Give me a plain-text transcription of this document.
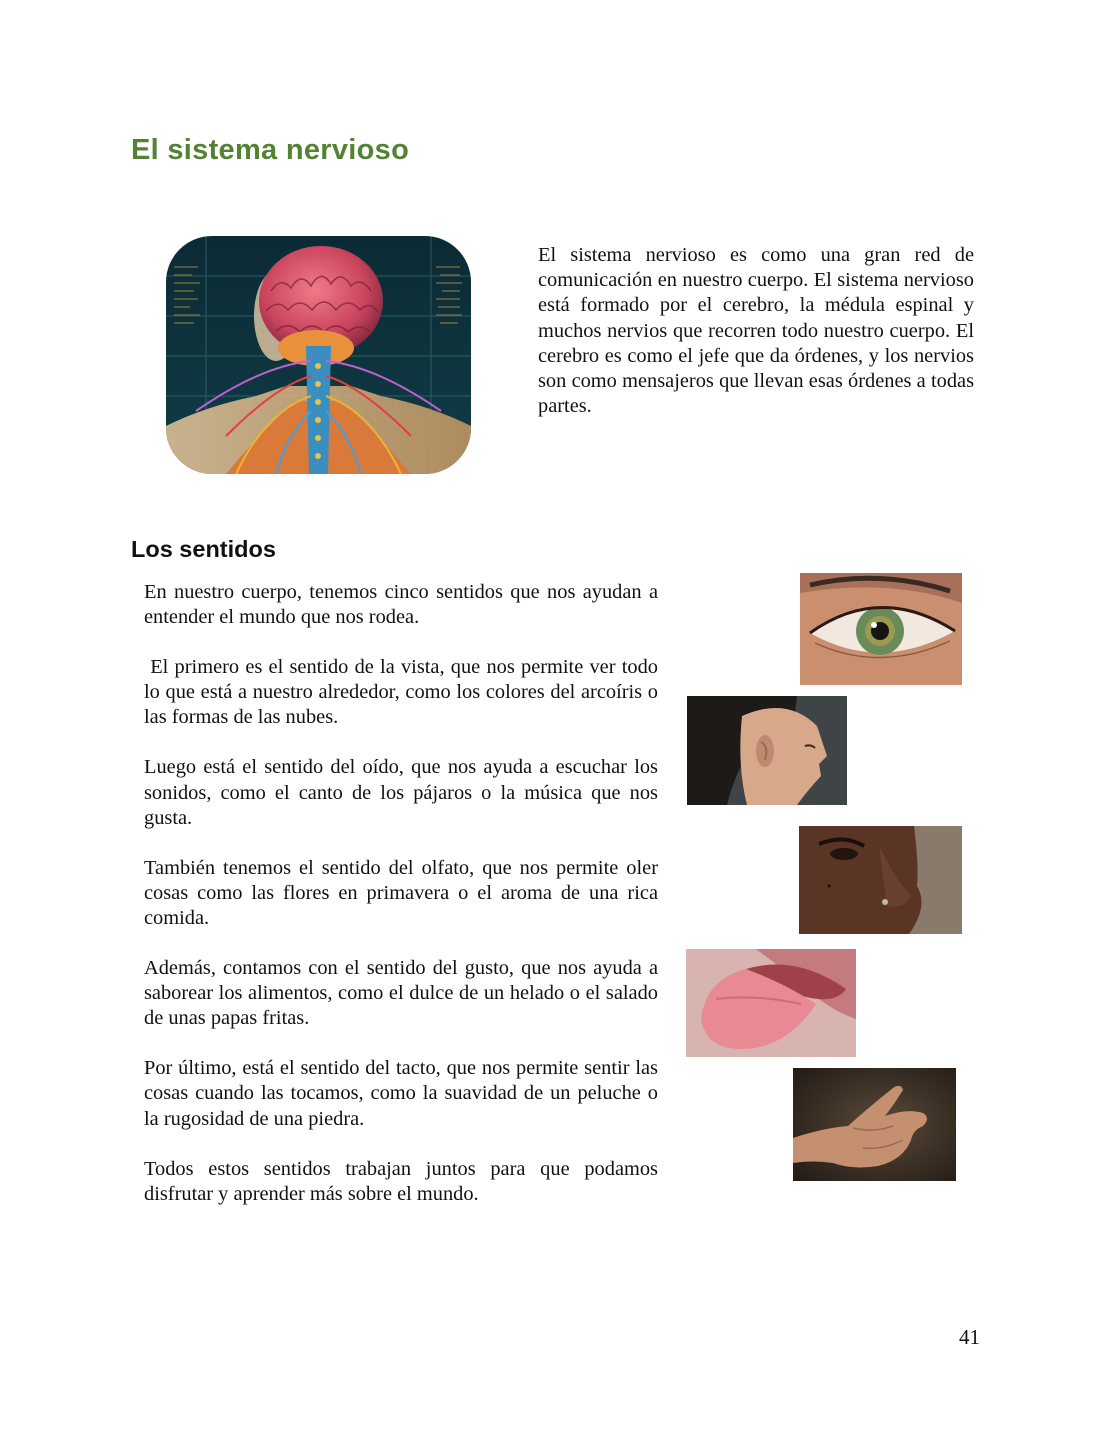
El sistema nervioso

El sistema nervioso es como una gran red de comunicación en nuestro cuerpo. El sistema nervioso está formado por el cerebro, la médula espinal y muchos nervios que recorren todo nuestro cuerpo. El cerebro es como el jefe que da órdenes, y los nervios son como mensajeros que llevan esas órdenes a todas partes.

Los sentidos

En nuestro cuerpo, tenemos cinco sentidos que nos ayudan a entender el mundo que nos rodea.

El primero es el sentido de la vista, que nos permite ver todo lo que está a nuestro alrededor, como los colores del arcoíris o las formas de las nubes.

Luego está el sentido del oído, que nos ayuda a escuchar los sonidos, como el canto de los pájaros o la música que nos gusta.

También tenemos el sentido del olfato, que nos permite oler cosas como las flores en primavera o el aroma de una rica comida.

Además, contamos con el sentido del gusto, que nos ayuda a saborear los alimentos, como el dulce de un helado o el salado de unas papas fritas.

Por último, está el sentido del tacto, que nos permite sentir las cosas cuando las tocamos, como la suavidad de un peluche o la rugosidad de una piedra.

Todos estos sentidos trabajan juntos para que podamos disfrutar y aprender más sobre el mundo.

41
